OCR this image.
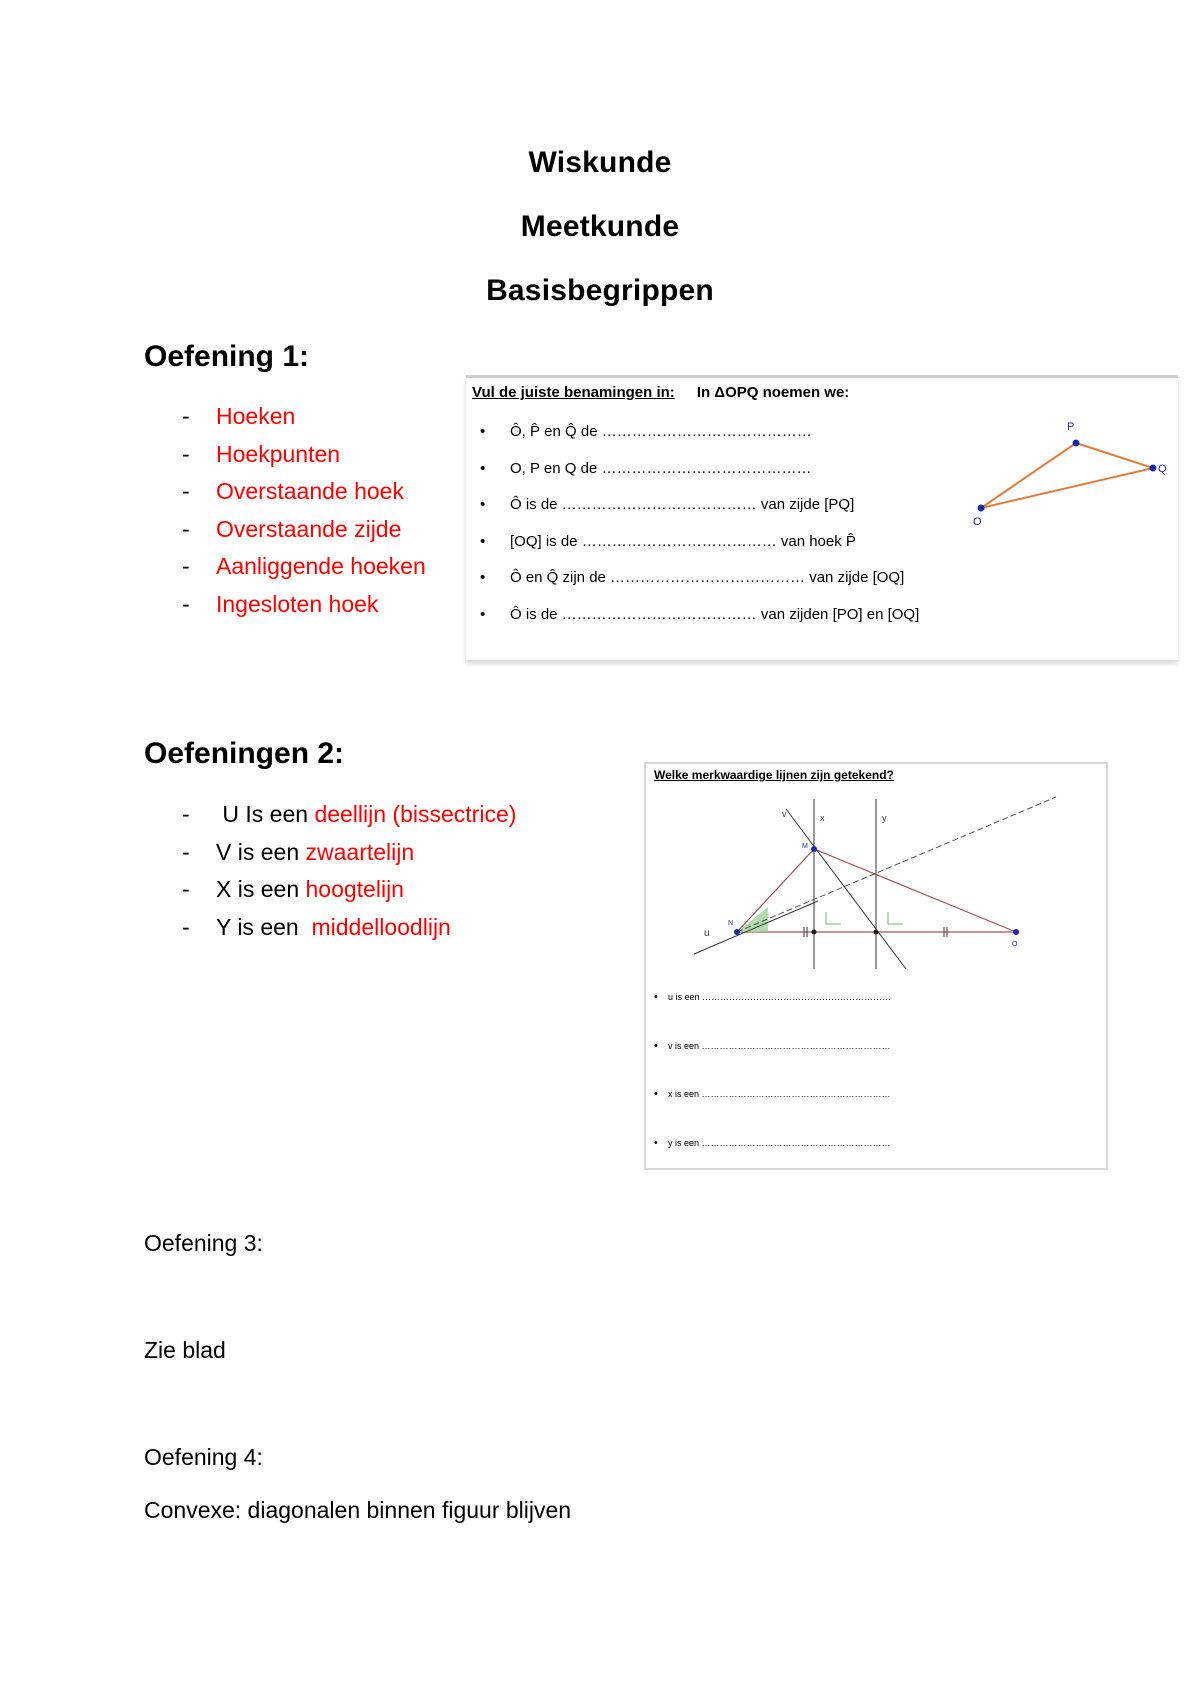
Wiskunde
Meetkunde
Basisbegrippen
Oefening 1:
- Hoeken
- Hoekpunten
- Overstaande hoek
- Overstaande zijde
- Aanliggende hoeken
- Ingesloten hoek
Vul de juiste benamingen in: In ΔOPQ noemen we:
• Ô, P̂ en Q̂ de ……………………………………
• O, P en Q de ……………………………………
• Ô is de ………………………………… van zijde [PQ]
• [OQ] is de ………………………………… van hoek P̂
• Ô en Q̂ zijn de ………………………………… van zijde [OQ]
• Ô is de ………………………………… van zijden [PO] en [OQ]
P
Q
O
Oefeningen 2:
- U Is een deellijn (bissectrice)
- V is een zwaartelijn
- X is een hoogtelijn
- Y is een  middelloodlijn
v	x	y
M
N
u
O
Welke merkwaardige lijnen zijn getekend?
• u is een ………………………………………………………
• v is een ………………………………………………………
• x is een ………………………………………………………
• y is een ………………………………………………………
Oefening 3:
Zie blad
Oefening 4:
Convexe: diagonalen binnen figuur blijven
